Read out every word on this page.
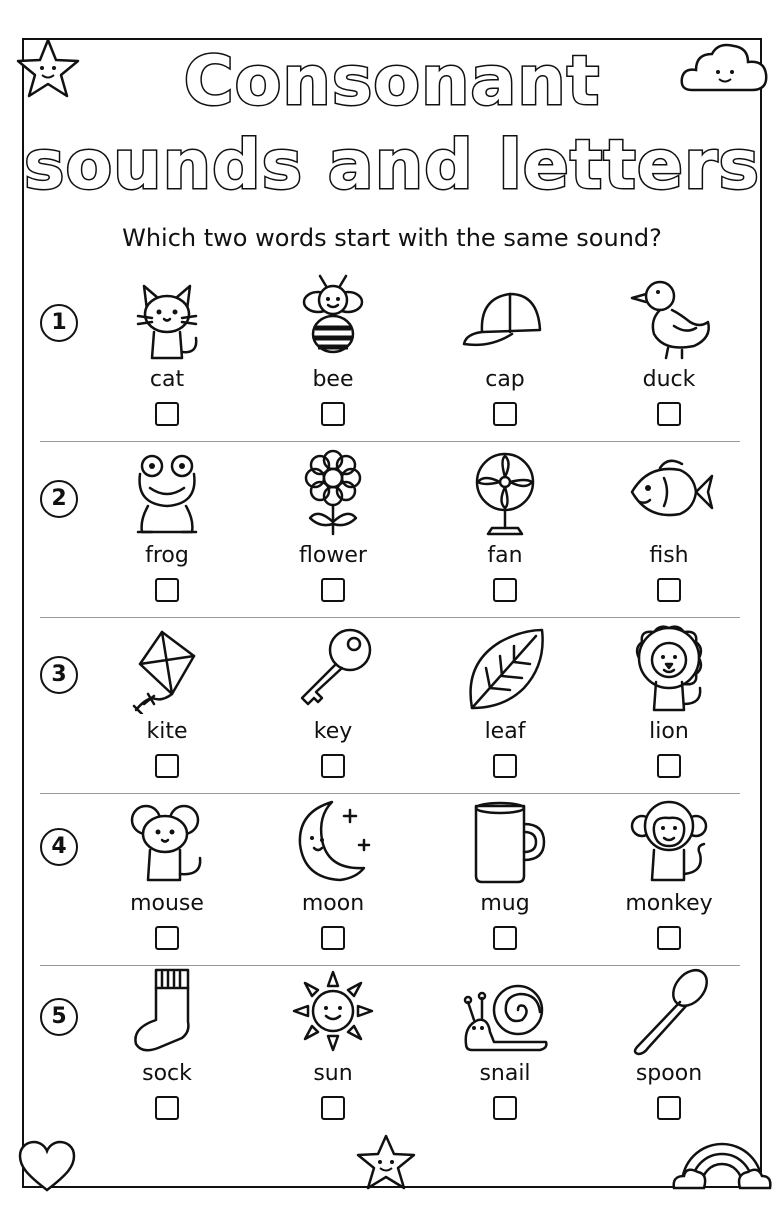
Consonant
sounds and letters
Which two words start with the same sound?
1
cat	bee	cap	duck
2
frog	flower	fan	fish
3
kite	key	leaf	lion
4
mouse	moon	mug	monkey
5
sock	sun	snail	spoon
